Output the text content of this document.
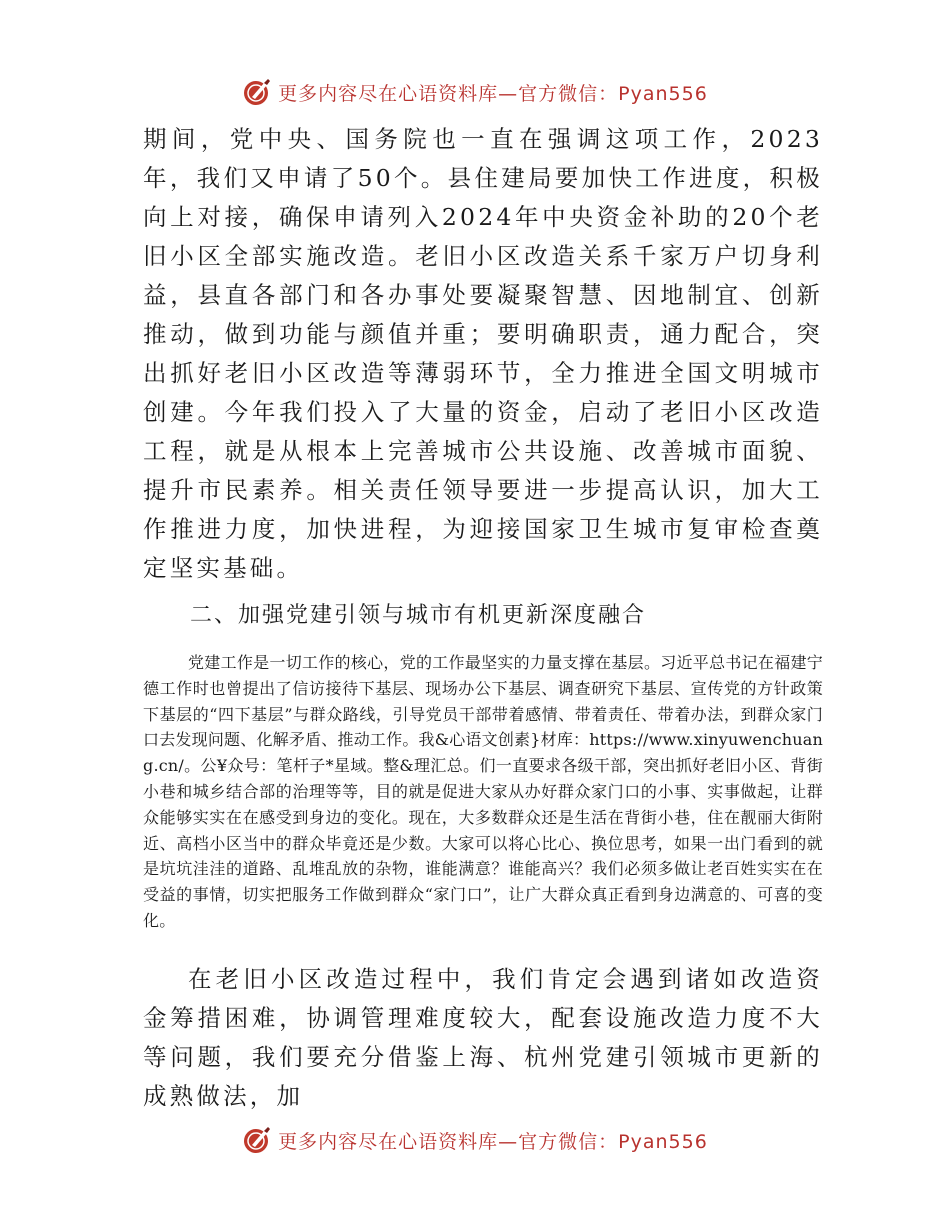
更多内容尽在心语资料库—官方微信：Pyan556

期间，党中央、国务院也一直在强调这项工作，2023年，我们又申请了50个。县住建局要加快工作进度，积极向上对接，确保申请列入2024年中央资金补助的20个老旧小区全部实施改造。老旧小区改造关系千家万户切身利益，县直各部门和各办事处要凝聚智慧、因地制宜、创新推动，做到功能与颜值并重；要明确职责，通力配合，突出抓好老旧小区改造等薄弱环节，全力推进全国文明城市创建。今年我们投入了大量的资金，启动了老旧小区改造工程，就是从根本上完善城市公共设施、改善城市面貌、提升市民素养。相关责任领导要进一步提高认识，加大工作推进力度，加快进程，为迎接国家卫生城市复审检查奠定坚实基础。

二、加强党建引领与城市有机更新深度融合

党建工作是一切工作的核心，党的工作最坚实的力量支撑在基层。习近平总书记在福建宁德工作时也曾提出了信访接待下基层、现场办公下基层、调查研究下基层、宣传党的方针政策下基层的“四下基层”与群众路线，引导党员干部带着感情、带着责任、带着办法，到群众家门口去发现问题、化解矛盾、推动工作。我&心语文创素}材库：https://www.xinyuwenchuang.cn/。公¥众号：笔杆子*星域。整&理汇总。们一直要求各级干部，突出抓好老旧小区、背街小巷和城乡结合部的治理等等，目的就是促进大家从办好群众家门口的小事、实事做起，让群众能够实实在在感受到身边的变化。现在，大多数群众还是生活在背街小巷，住在靓丽大街附近、高档小区当中的群众毕竟还是少数。大家可以将心比心、换位思考，如果一出门看到的就是坑坑洼洼的道路、乱堆乱放的杂物，谁能满意？谁能高兴？我们必须多做让老百姓实实在在受益的事情，切实把服务工作做到群众“家门口”，让广大群众真正看到身边满意的、可喜的变化。

在老旧小区改造过程中，我们肯定会遇到诸如改造资金筹措困难，协调管理难度较大，配套设施改造力度不大等问题，我们要充分借鉴上海、杭州党建引领城市更新的成熟做法，加

更多内容尽在心语资料库—官方微信：Pyan556
